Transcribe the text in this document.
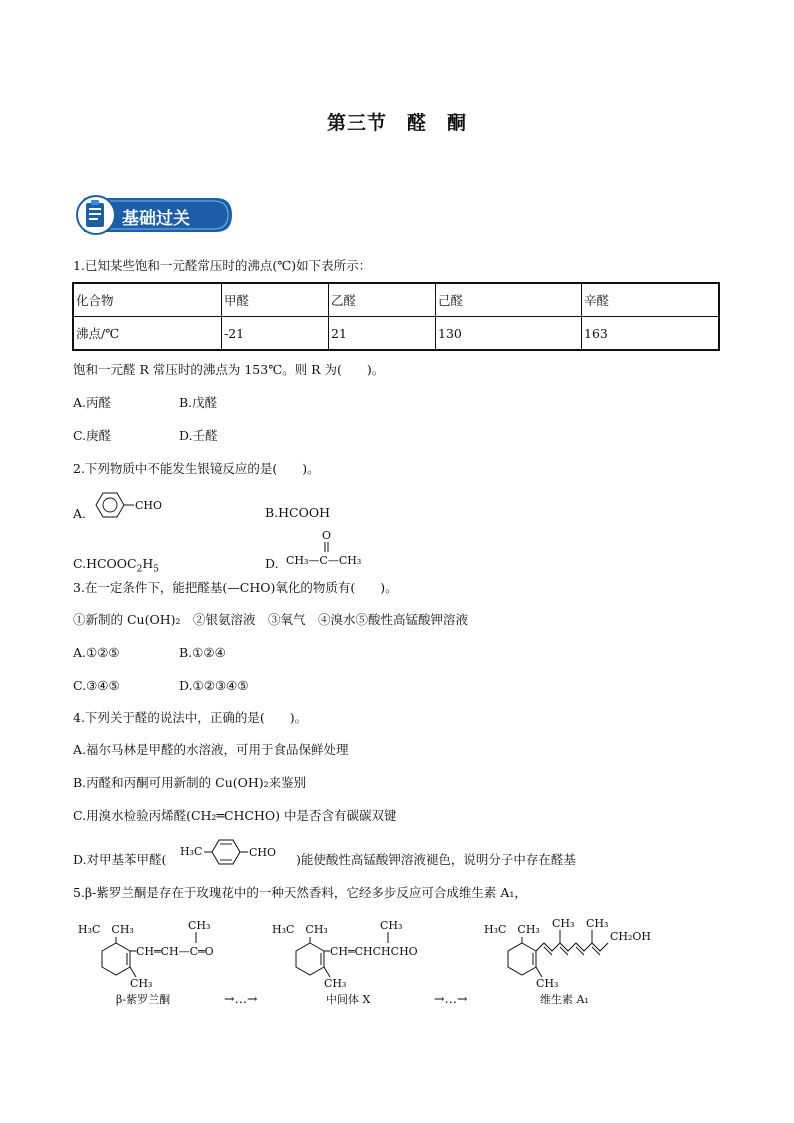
第三节　醛　酮
基础过关
1.已知某些饱和一元醛常压时的沸点(℃)如下表所示：
化合物	甲醛	乙醛	己醛	辛醛
沸点/℃	-21	21	130	163
饱和一元醛 R 常压时的沸点为 153℃。则 R 为(　　)。
A.丙醛	B.戊醛
C.庚醛	D.壬醛
2.下列物质中不能发生银镜反应的是(　　)。
A.
CHO	B.HCOOH
$C.HCOOC_2H_5$	D.
O
CH₃—C—CH₃
3.在一定条件下，能把醛基(—CHO)氧化的物质有(　　)。
①新制的 Cu(OH)₂　②银氨溶液　③氧气　④溴水⑤酸性高锰酸钾溶液
A.①②⑤	B.①②④
C.③④⑤	D.①②③④⑤
4.下列关于醛的说法中，正确的是(　　)。
A.福尔马林是甲醛的水溶液，可用于食品保鲜处理
B.丙醛和丙酮可用新制的 Cu(OH)₂来鉴别
C.用溴水检验丙烯醛(CH₂═CHCHO) 中是否含有碳碳双键
D.对甲基苯甲醛(
H₃C	CHO )能使酸性高锰酸钾溶液褪色，说明分子中存在醛基
5.β-紫罗兰酮是存在于玫瑰花中的一种天然香料，它经多步反应可合成维生素 A₁，
H₃C　CH₃
CH═CH—C═O
CH₃
CH₃
β-紫罗兰酮	→…→
H₃C　CH₃
CH═CHCHCHO
CH₃
CH₃
中间体 X	→…→
H₃C　CH₃ CH₃ CH₃
CH₂OH
CH₃
维生素 A₁
